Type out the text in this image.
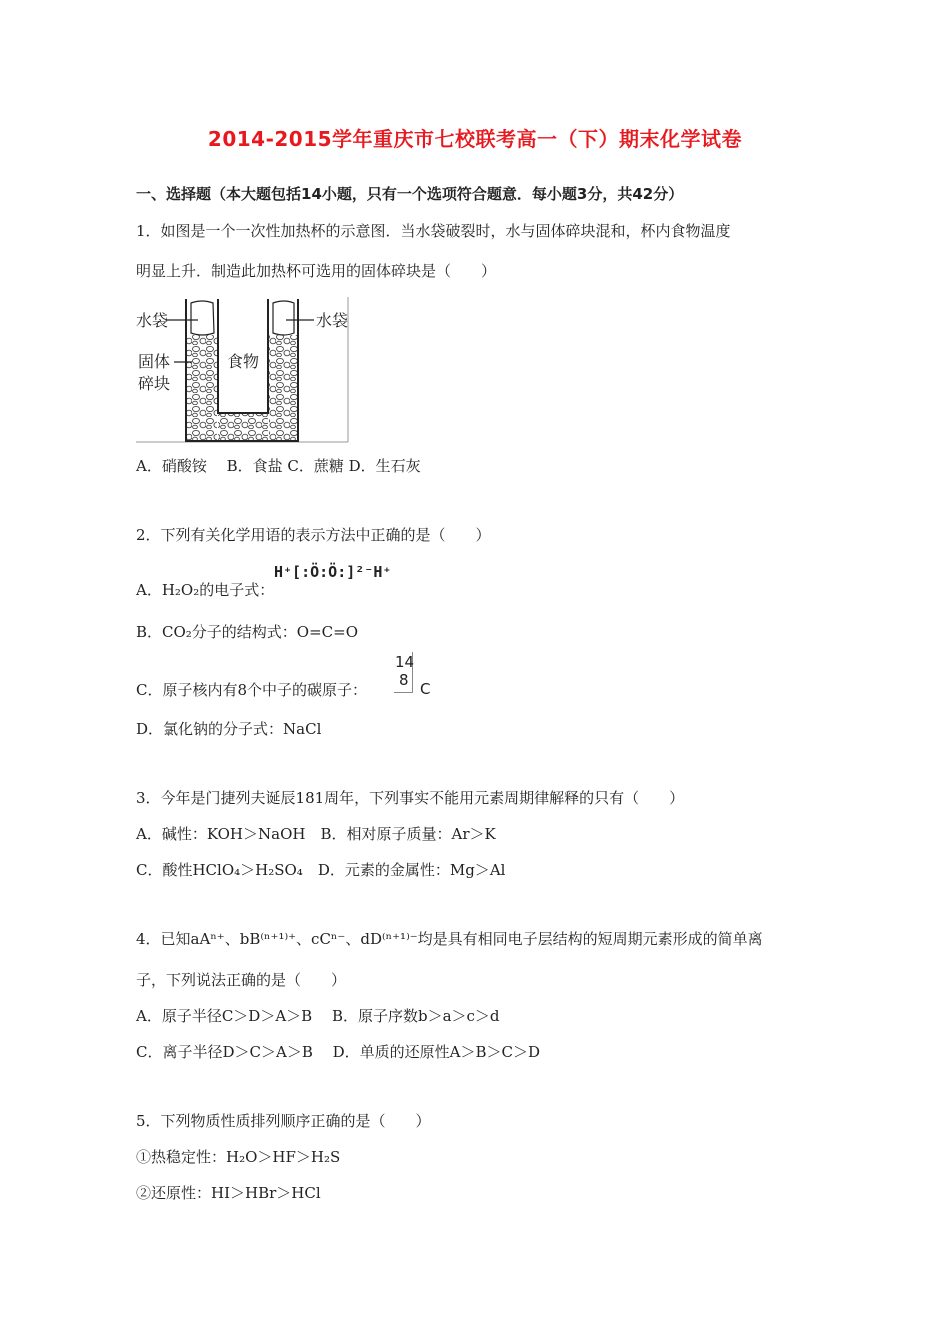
2014-2015学年重庆市七校联考高一（下）期末化学试卷
一、选择题（本大题包括14小题，只有一个选项符合题意．每小题3分，共42分）
1．如图是一个一次性加热杯的示意图．当水袋破裂时，水与固体碎块混和，杯内食物温度
明显上升．制造此加热杯可选用的固体碎块是（　　）
水袋	水袋
固体
碎块
食物
A．硝酸铵　 B．食盐 C．蔗糖 D．生石灰
2．下列有关化学用语的表示方法中正确的是（　　）
A．H₂O₂的电子式：
H⁺[:Ö:Ö:]²⁻H⁺
B．CO₂分子的结构式：O=C=O
C．原子核内有8个中子的碳原子：
14
8 C
D．氯化钠的分子式：NaCl
3．今年是门捷列夫诞辰181周年，下列事实不能用元素周期律解释的只有（　　）
A．碱性：KOH＞NaOH　B．相对原子质量：Ar＞K
C．酸性HClO₄＞H₂SO₄　D．元素的金属性：Mg＞Al
4．已知aAⁿ⁺、bB⁽ⁿ⁺¹⁾⁺、cCⁿ⁻、dD⁽ⁿ⁺¹⁾⁻均是具有相同电子层结构的短周期元素形成的简单离
子，下列说法正确的是（　　）
A．原子半径C＞D＞A＞B　 B．原子序数b＞a＞c＞d
C．离子半径D＞C＞A＞B　 D．单质的还原性A＞B＞C＞D
5．下列物质性质排列顺序正确的是（　　）
①热稳定性：H₂O＞HF＞H₂S
②还原性：HI＞HBr＞HCl
